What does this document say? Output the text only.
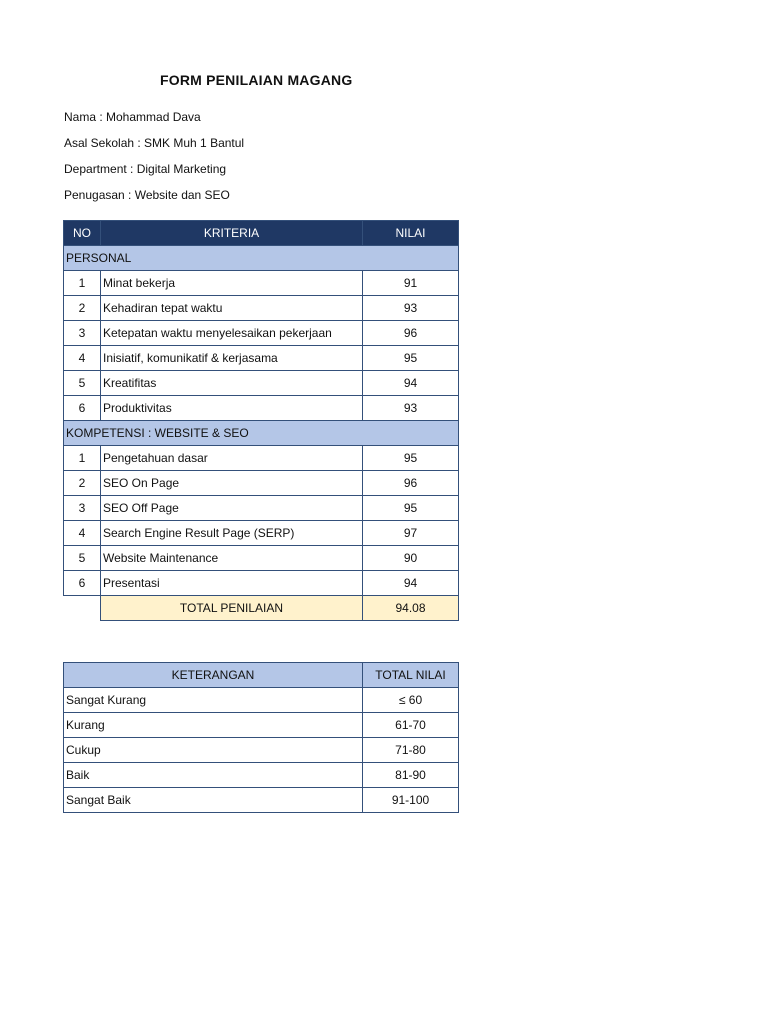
FORM PENILAIAN MAGANG
Nama : Mohammad Dava
Asal Sekolah : SMK Muh 1 Bantul
Department : Digital Marketing
Penugasan : Website dan SEO
NO	KRITERIA	NILAI
PERSONAL		
1	Minat bekerja	91
2	Kehadiran tepat waktu	93
3	Ketepatan waktu menyelesaikan pekerjaan	96
4	Inisiatif, komunikatif & kerjasama	95
5	Kreatifitas	94
6	Produktivitas	93
KOMPETENSI : WEBSITE & SEO		
1	Pengetahuan dasar	95
2	SEO On Page	96
3	SEO Off Page	95
4	Search Engine Result Page (SERP)	97
5	Website Maintenance	90
6	Presentasi	94
	TOTAL PENILAIAN	94.08
KETERANGAN	TOTAL NILAI
Sangat Kurang	≤ 60
Kurang	61-70
Cukup	71-80
Baik	81-90
Sangat Baik	91-100
